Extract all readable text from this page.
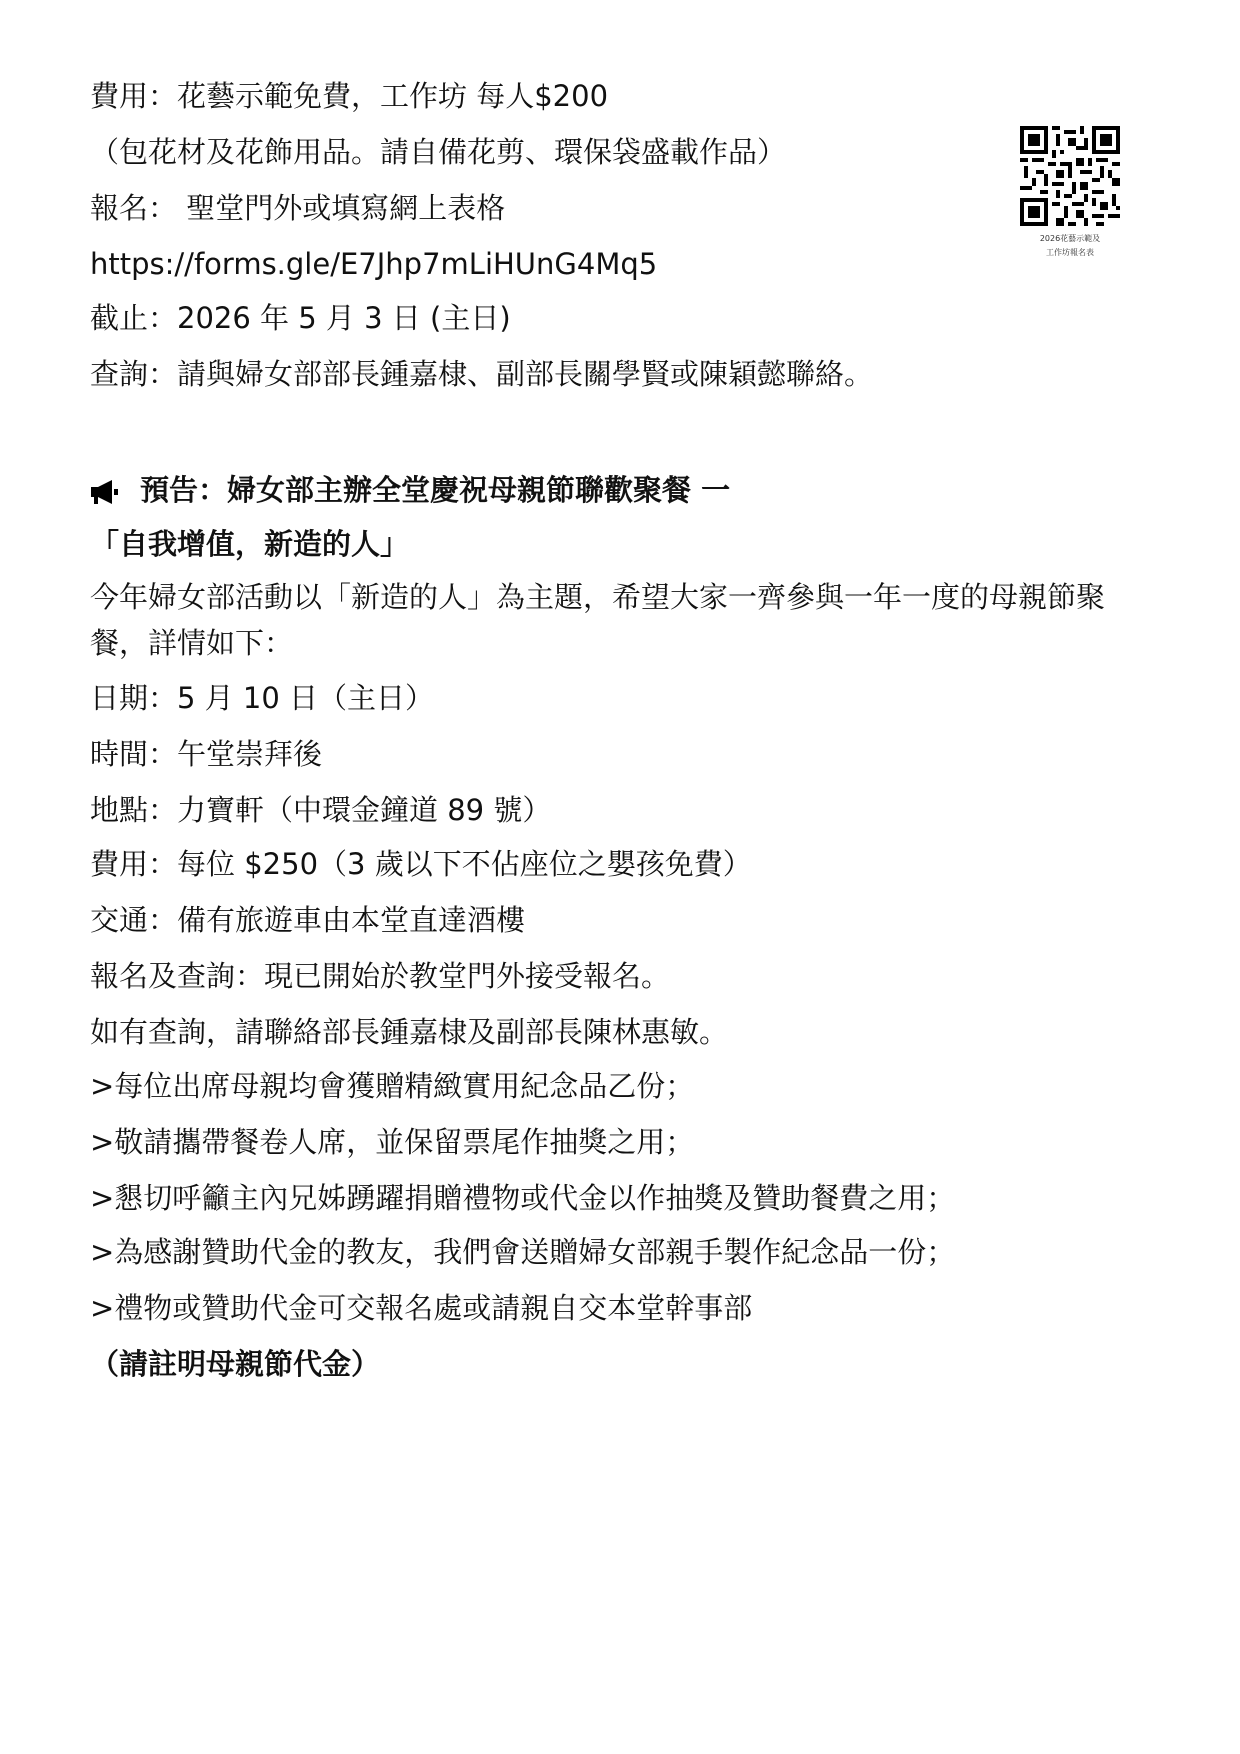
費用：花藝示範免費，工作坊 每人$200

（包花材及花飾用品。請自備花剪、環保袋盛載作品）

報名： 聖堂門外或填寫網上表格

https://forms.gle/E7Jhp7mLiHUnG4Mq5

截止：2026 年 5 月 3 日 (主日)

查詢：請與婦女部部長鍾嘉棣、副部長關學賢或陳穎懿聯絡。

2026花藝示範及
工作坊報名表

預告：婦女部主辦全堂慶祝母親節聯歡聚餐 一

「自我增值，新造的人」

今年婦女部活動以「新造的人」為主題，希望大家一齊參與一年一度的母親節聚餐，詳情如下：

日期：5 月 10 日（主日）

時間：午堂崇拜後

地點：力寶軒（中環金鐘道 89 號）

費用：每位 $250（3 歲以下不佔座位之嬰孩免費）

交通：備有旅遊車由本堂直達酒樓

報名及查詢：現已開始於教堂門外接受報名。

如有查詢，請聯絡部長鍾嘉棣及副部長陳林惠敏。

>每位出席母親均會獲贈精緻實用紀念品乙份；

>敬請攜帶餐卷人席，並保留票尾作抽獎之用；

>懇切呼籲主內兄姊踴躍捐贈禮物或代金以作抽獎及贊助餐費之用；

>為感謝贊助代金的教友，我們會送贈婦女部親手製作紀念品一份；

>禮物或贊助代金可交報名處或請親自交本堂幹事部

（請註明母親節代金）
